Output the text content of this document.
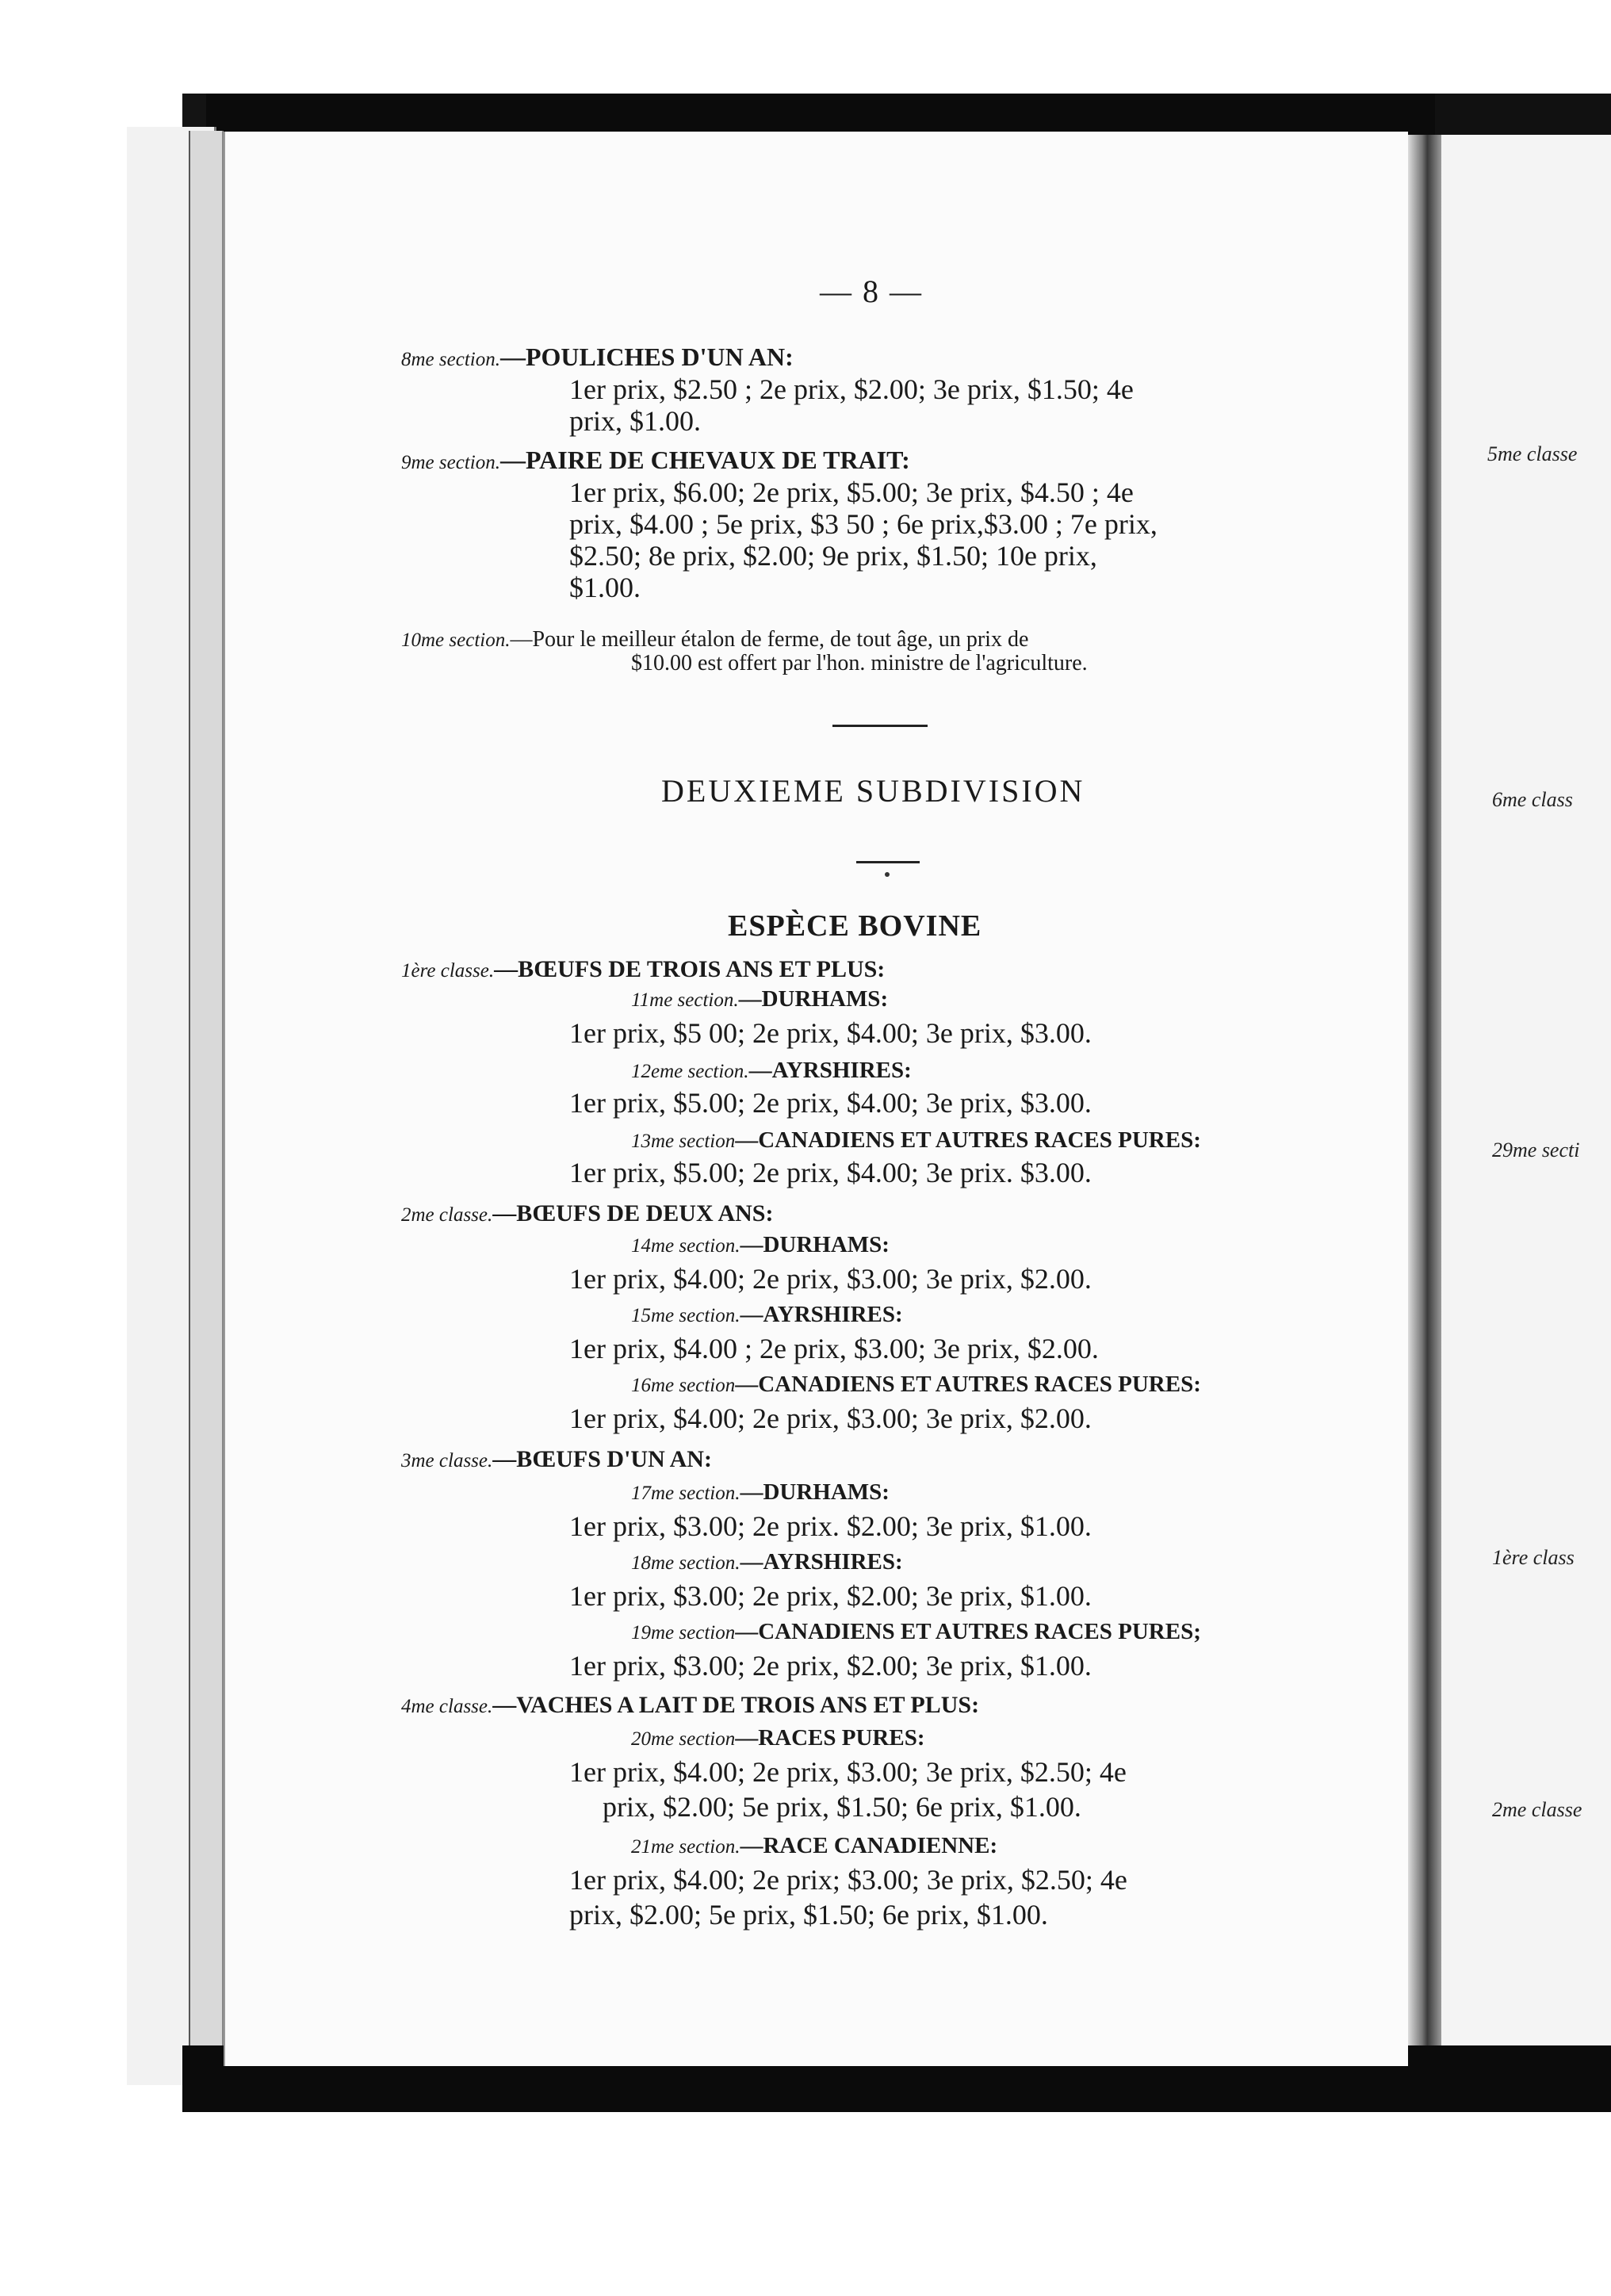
5me classe
6me class
29me secti
1ère class
2me classe
— 8 —
8me section.—POULICHES D'UN AN:
1er prix, $2.50 ; 2e prix, $2.00; 3e prix, $1.50; 4e
prix, $1.00.
9me section.—PAIRE DE CHEVAUX DE TRAIT:
1er prix, $6.00; 2e prix, $5.00; 3e prix, $4.50 ; 4e
prix, $4.00 ; 5e prix, $3 50 ; 6e prix,$3.00 ; 7e prix,
$2.50; 8e prix, $2.00; 9e prix, $1.50; 10e prix,
$1.00.
10me section.—Pour le meilleur étalon de ferme, de tout âge, un prix de
$10.00 est offert par l'hon. ministre de l'agriculture.
DEUXIEME SUBDIVISION
ESPÈCE BOVINE
1ère classe.—BŒUFS DE TROIS ANS ET PLUS:
11me section.—DURHAMS:
1er prix, $5 00; 2e prix, $4.00; 3e prix, $3.00.
12eme section.—AYRSHIRES:
1er prix, $5.00; 2e prix, $4.00; 3e prix, $3.00.
13me section—CANADIENS ET AUTRES RACES PURES:
1er prix, $5.00; 2e prix, $4.00; 3e prix. $3.00.
2me classe.—BŒUFS DE DEUX ANS:
14me section.—DURHAMS:
1er prix, $4.00; 2e prix, $3.00; 3e prix, $2.00.
15me section.—AYRSHIRES:
1er prix, $4.00 ; 2e prix, $3.00; 3e prix, $2.00.
16me section—CANADIENS ET AUTRES RACES PURES:
1er prix, $4.00; 2e prix, $3.00; 3e prix, $2.00.
3me classe.—BŒUFS D'UN AN:
17me section.—DURHAMS:
1er prix, $3.00; 2e prix. $2.00; 3e prix, $1.00.
18me section.—AYRSHIRES:
1er prix, $3.00; 2e prix, $2.00; 3e prix, $1.00.
19me section—CANADIENS ET AUTRES RACES PURES;
1er prix, $3.00; 2e prix, $2.00; 3e prix, $1.00.
4me classe.—VACHES A LAIT DE TROIS ANS ET PLUS:
20me section—RACES PURES:
1er prix, $4.00; 2e prix, $3.00; 3e prix, $2.50; 4e
prix, $2.00; 5e prix, $1.50; 6e prix, $1.00.
21me section.—RACE CANADIENNE:
1er prix, $4.00; 2e prix; $3.00; 3e prix, $2.50; 4e
prix, $2.00; 5e prix, $1.50; 6e prix, $1.00.
